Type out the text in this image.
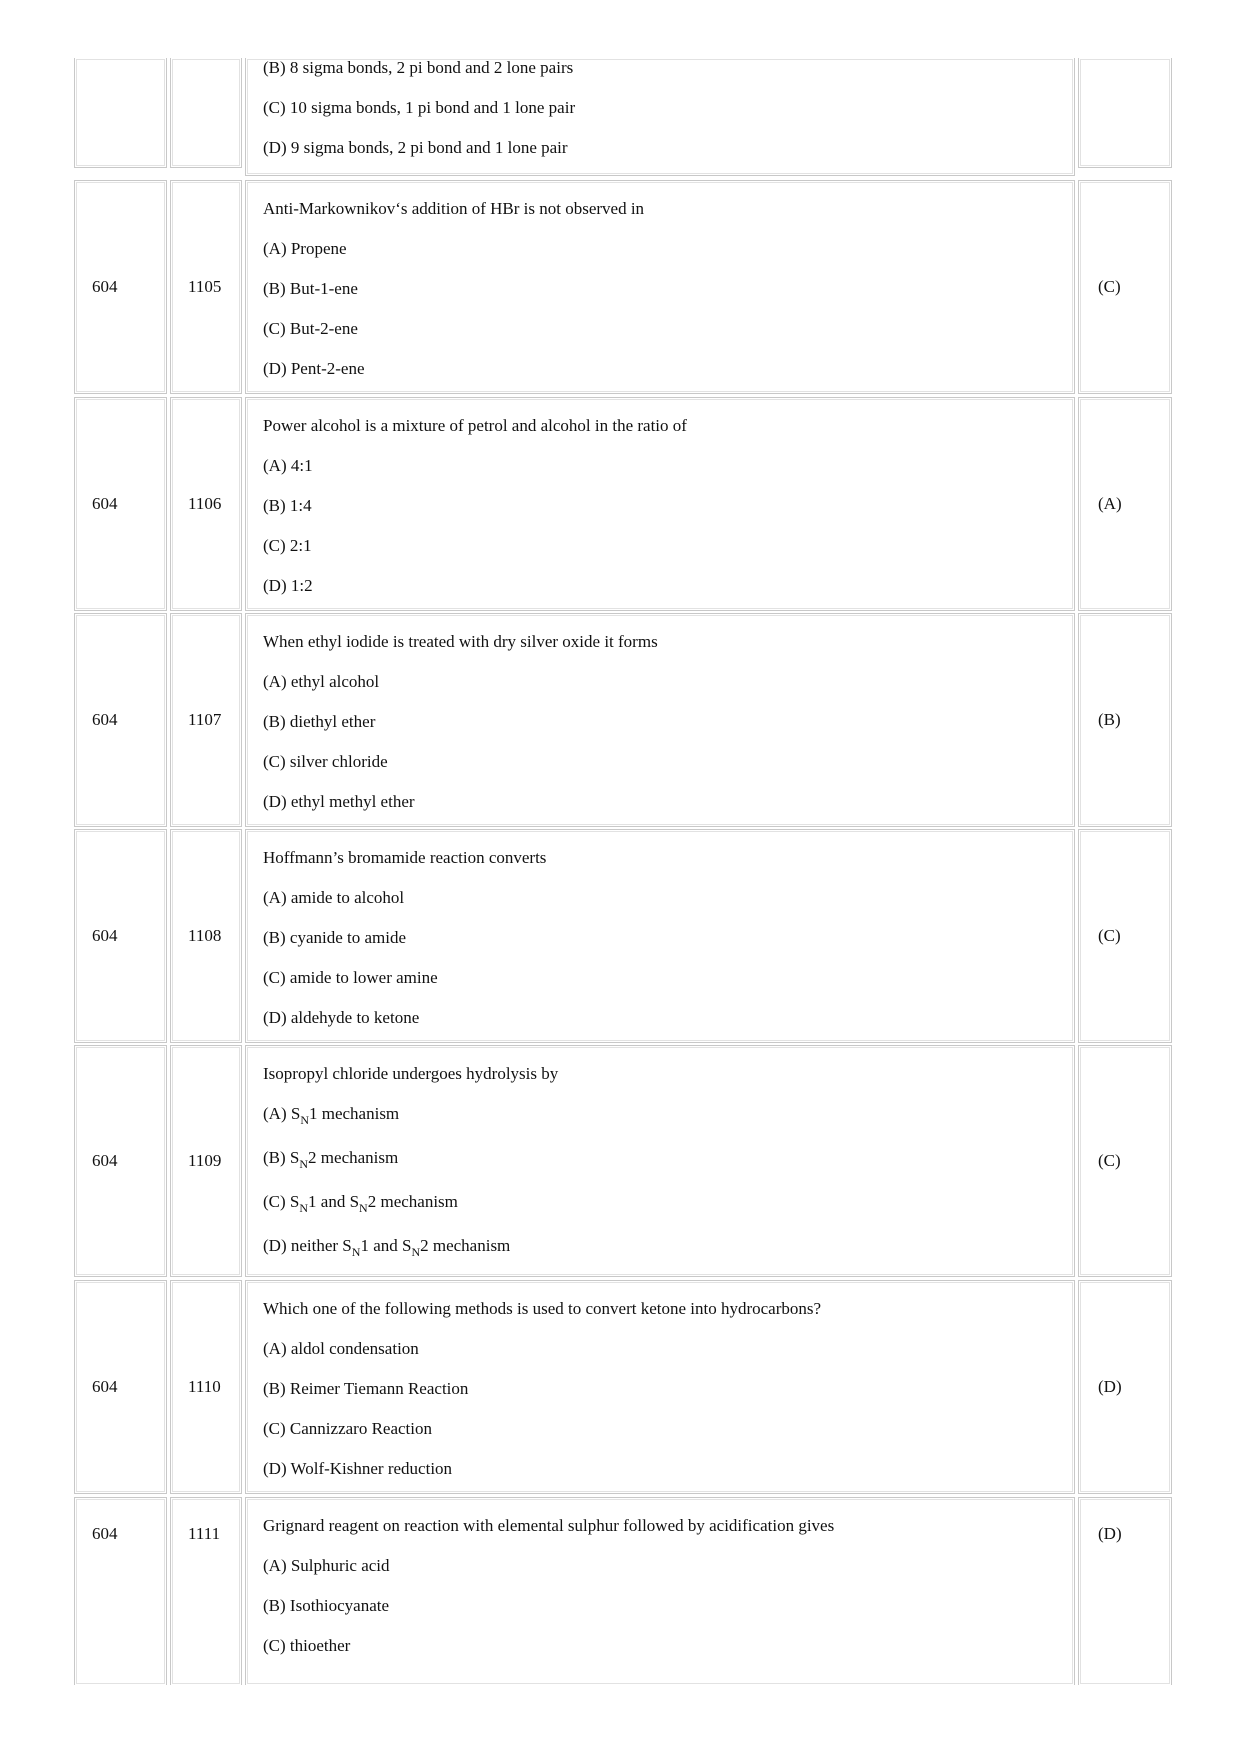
(B) 8 sigma bonds, 2 pi bond and 2 lone pairs
(C) 10 sigma bonds, 1 pi bond and 1 lone pair
(D) 9 sigma bonds, 2 pi bond and 1 lone pair
604	1105
Anti-Markownikov‘s addition of HBr is not observed in
(A) Propene
(B) But-1-ene
(C) But-2-ene
(D) Pent-2-ene
(C)
604	1106
Power alcohol is a mixture of petrol and alcohol in the ratio of
(A) 4:1
(B) 1:4
(C) 2:1
(D) 1:2
(A)
604	1107
When ethyl iodide is treated with dry silver oxide it forms
(A) ethyl alcohol
(B) diethyl ether
(C) silver chloride
(D) ethyl methyl ether
(B)
604	1108
Hoffmann’s bromamide reaction converts
(A) amide to alcohol
(B) cyanide to amide
(C) amide to lower amine
(D) aldehyde to ketone
(C)
604	1109
Isopropyl chloride undergoes hydrolysis by
(A) $S_N1$ mechanism
(B) $S_N2$ mechanism
(C) $S_N1$ and $S_N2$ mechanism
(D) neither $S_N1$ and $S_N2$ mechanism
(C)
604	1110
Which one of the following methods is used to convert ketone into hydrocarbons?
(A) aldol condensation
(B) Reimer Tiemann Reaction
(C) Cannizzaro Reaction
(D) Wolf-Kishner reduction
(D)
604	1111	Grignard reagent on reaction with elemental sulphur followed by acidification gives
(A) Sulphuric acid
(B) Isothiocyanate
(C) thioether
(D)
